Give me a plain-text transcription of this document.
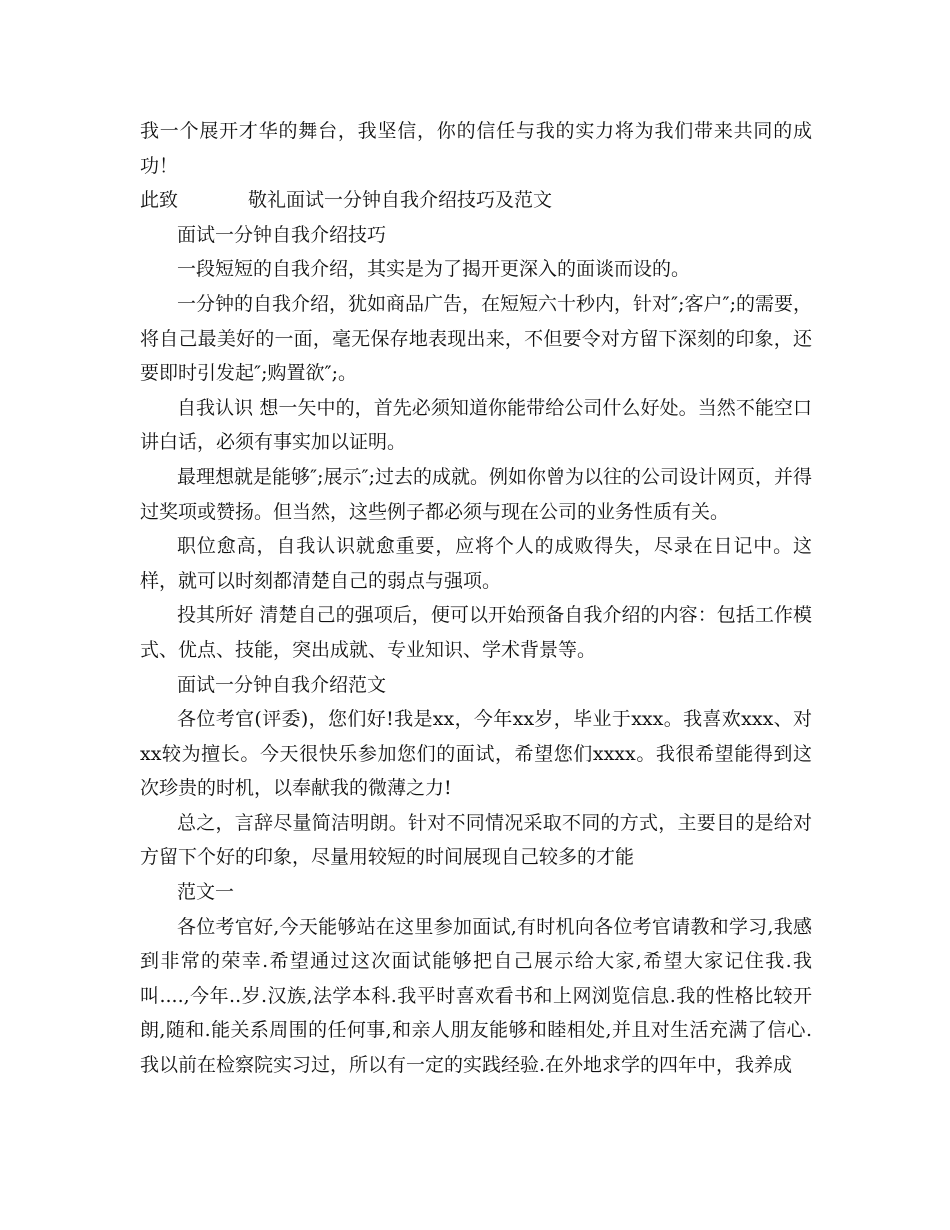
我一个展开才华的舞台，我坚信，你的信任与我的实力将为我们带来共同的成功！

此致	敬礼面试一分钟自我介绍技巧及范文

面试一分钟自我介绍技巧

一段短短的自我介绍，其实是为了揭开更深入的面谈而设的。

一分钟的自我介绍，犹如商品广告，在短短六十秒内，针对″;客户″;的需要，将自己最美好的一面，毫无保存地表现出来，不但要令对方留下深刻的印象，还要即时引发起″;购置欲″;。

自我认识 想一矢中的，首先必须知道你能带给公司什么好处。当然不能空口讲白话，必须有事实加以证明。

最理想就是能够″;展示″;过去的成就。例如你曾为以往的公司设计网页，并得过奖项或赞扬。但当然，这些例子都必须与现在公司的业务性质有关。

职位愈高，自我认识就愈重要，应将个人的成败得失，尽录在日记中。这样，就可以时刻都清楚自己的弱点与强项。

投其所好 清楚自己的强项后，便可以开始预备自我介绍的内容：包括工作模式、优点、技能，突出成就、专业知识、学术背景等。

面试一分钟自我介绍范文

各位考官(评委)，您们好!我是xx，今年xx岁，毕业于xxx。我喜欢xxx、对xx较为擅长。今天很快乐参加您们的面试，希望您们xxxx。我很希望能得到这次珍贵的时机，以奉献我的微薄之力!

总之，言辞尽量简洁明朗。针对不同情况采取不同的方式，主要目的是给对方留下个好的印象，尽量用较短的时间展现自己较多的才能

范文一

各位考官好,今天能够站在这里参加面试,有时机向各位考官请教和学习,我感到非常的荣幸.希望通过这次面试能够把自己展示给大家,希望大家记住我.我叫....,今年..岁.汉族,法学本科.我平时喜欢看书和上网浏览信息.我的性格比较开朗,随和.能关系周围的任何事,和亲人朋友能够和睦相处,并且对生活充满了信心.我以前在检察院实习过，所以有一定的实践经验.在外地求学的四年中，我养成
